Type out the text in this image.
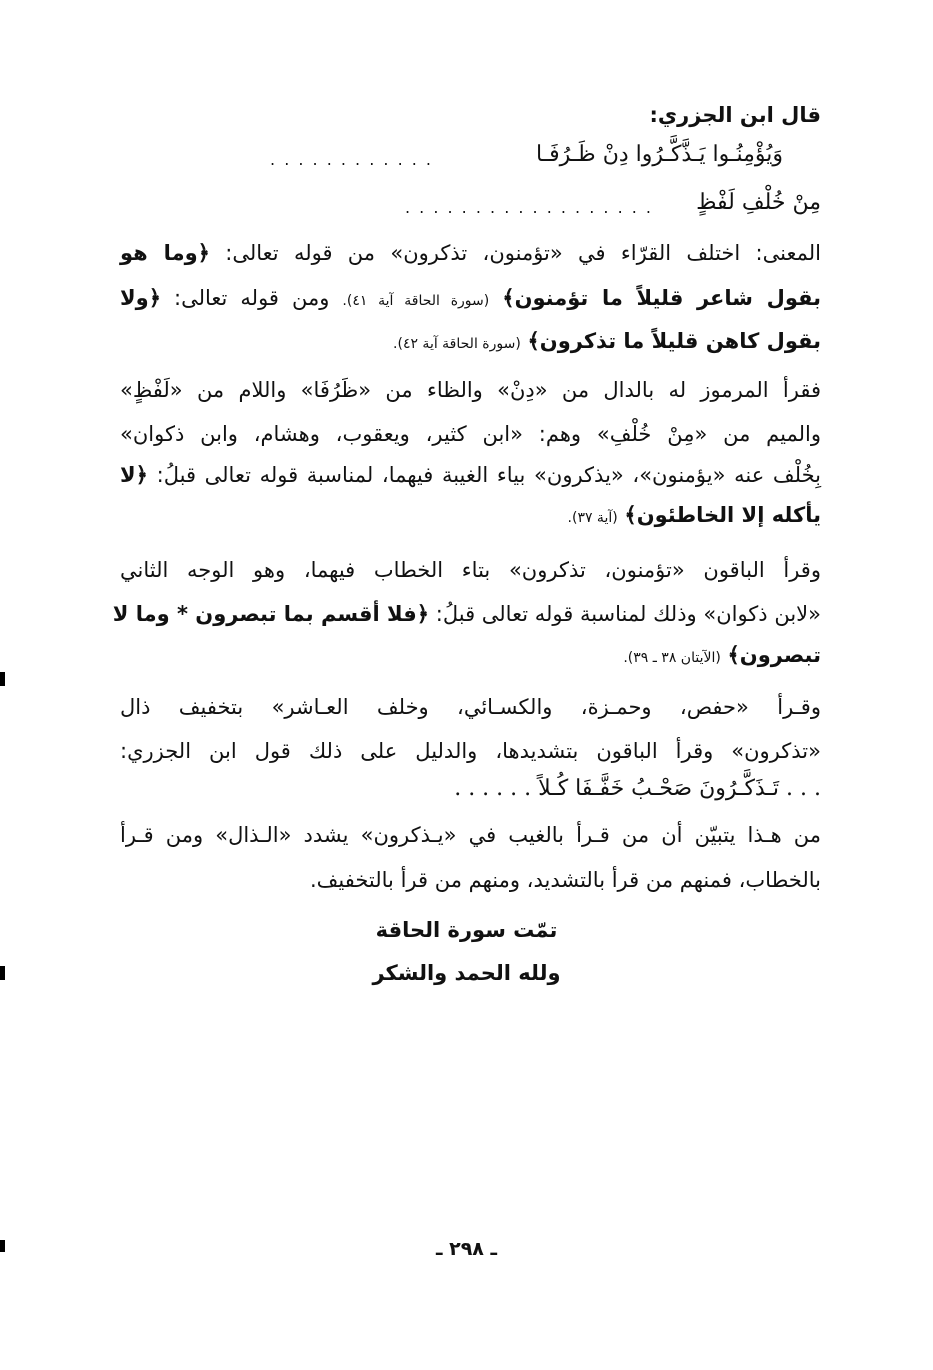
قال ابن الجزري:
وَيُؤْمِنُـوا يَـذَّكَّـرُوا دِنْ ظَـرُفَـا
. . . . . . . . . . . .
مِنْ خُلْفِ لَفْظٍ
. . . . . . . . . . . . . . . . . .
المعنى: اختلف القرّاء في «تؤمنون، تذكرون» من قوله تعالى: ﴿وما هو
بقول شاعر قليلاً ما تؤمنون﴾ (سورة الحاقة آية ٤١). ومن قوله تعالى: ﴿ولا
بقول كاهن قليلاً ما تذكرون﴾ (سورة الحاقة آية ٤٢).
فقرأ المرموز له بالدال من «دِنْ» والظاء من «ظَرُفَا» واللام من «لَفْظٍ»
والميم من «مِنْ خُلْفِ» وهم: «ابن كثير، ويعقوب، وهشام، وابن ذكوان»
بِخُلْف عنه «يؤمنون»، «يذكرون» بياء الغيبة فيهما، لمناسبة قوله تعالى قبلُ: ﴿لا
يأكله إلا الخاطئون﴾ (آية ٣٧).
وقرأ الباقون «تؤمنون، تذكرون» بتاء الخطاب فيهما، وهو الوجه الثاني
«لابن ذكوان» وذلك لمناسبة قوله تعالى قبلُ: ﴿فلا أقسم بما تبصرون * وما لا
تبصرون﴾ (الآيتان ٣٨ ـ ٣٩).
وقـرأ «حفص، وحمـزة، والكسـائي، وخلف العـاشر» بتخفيف ذال
«تذكرون» وقرأ الباقون بتشديدها، والدليل على ذلك قول ابن الجزري:
. . . تَـذَكَّـرُونَ صَحْـبُ خَفَّـفَا كُـلاً . . . . . .
من هـذا يتبيّن أن من قـرأ بالغيب في «يـذكرون» يشدد «الـذال» ومن قـرأ
بالخطاب، فمنهم من قرأ بالتشديد، ومنهم من قرأ بالتخفيف.
تمّت سورة الحاقة
ولله الحمد والشكر
ـ ٢٩٨ ـ
